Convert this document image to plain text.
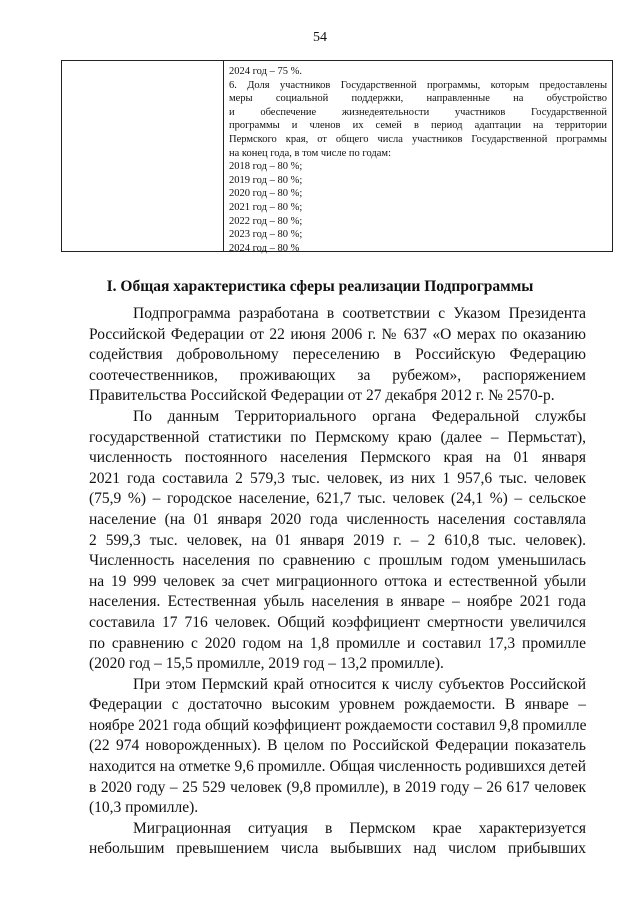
54
2024 год – 75 %.
6. Доля участников Государственной программы, которым предоставлены
меры социальной поддержки, направленные на обустройство
и обеспечение жизнедеятельности участников Государственной
программы и членов их семей в период адаптации на территории
Пермского края, от общего числа участников Государственной программы
на конец года, в том числе по годам:
2018 год – 80 %;
2019 год – 80 %;
2020 год – 80 %;
2021 год – 80 %;
2022 год – 80 %;
2023 год – 80 %;
2024 год – 80 %
I. Общая характеристика сферы реализации Подпрограммы
Подпрограмма разработана в соответствии с Указом Президента
Российской Федерации от 22 июня 2006 г. № 637 «О мерах по оказанию
содействия добровольному переселению в Российскую Федерацию
соотечественников, проживающих за рубежом», распоряжением
Правительства Российской Федерации от 27 декабря 2012 г. № 2570-р.
По данным Территориального органа Федеральной службы
государственной статистики по Пермскому краю (далее – Пермьстат),
численность постоянного населения Пермского края на 01 января
2021 года составила 2 579,3 тыс. человек, из них 1 957,6 тыс. человек
(75,9 %) – городское население, 621,7 тыс. человек (24,1 %) – сельское
население (на 01 января 2020 года численность населения составляла
2 599,3 тыс. человек, на 01 января 2019 г. – 2 610,8 тыс. человек).
Численность населения по сравнению с прошлым годом уменьшилась
на 19 999 человек за счет миграционного оттока и естественной убыли
населения. Естественная убыль населения в январе – ноябре 2021 года
составила 17 716 человек. Общий коэффициент смертности увеличился
по сравнению с 2020 годом на 1,8 промилле и составил 17,3 промилле
(2020 год – 15,5 промилле, 2019 год – 13,2 промилле).
При этом Пермский край относится к числу субъектов Российской
Федерации с достаточно высоким уровнем рождаемости. В январе –
ноябре 2021 года общий коэффициент рождаемости составил 9,8 промилле
(22 974 новорожденных). В целом по Российской Федерации показатель
находится на отметке 9,6 промилле. Общая численность родившихся детей
в 2020 году – 25 529 человек (9,8 промилле), в 2019 году – 26 617 человек
(10,3 промилле).
Миграционная ситуация в Пермском крае характеризуется
небольшим превышением числа выбывших над числом прибывших
